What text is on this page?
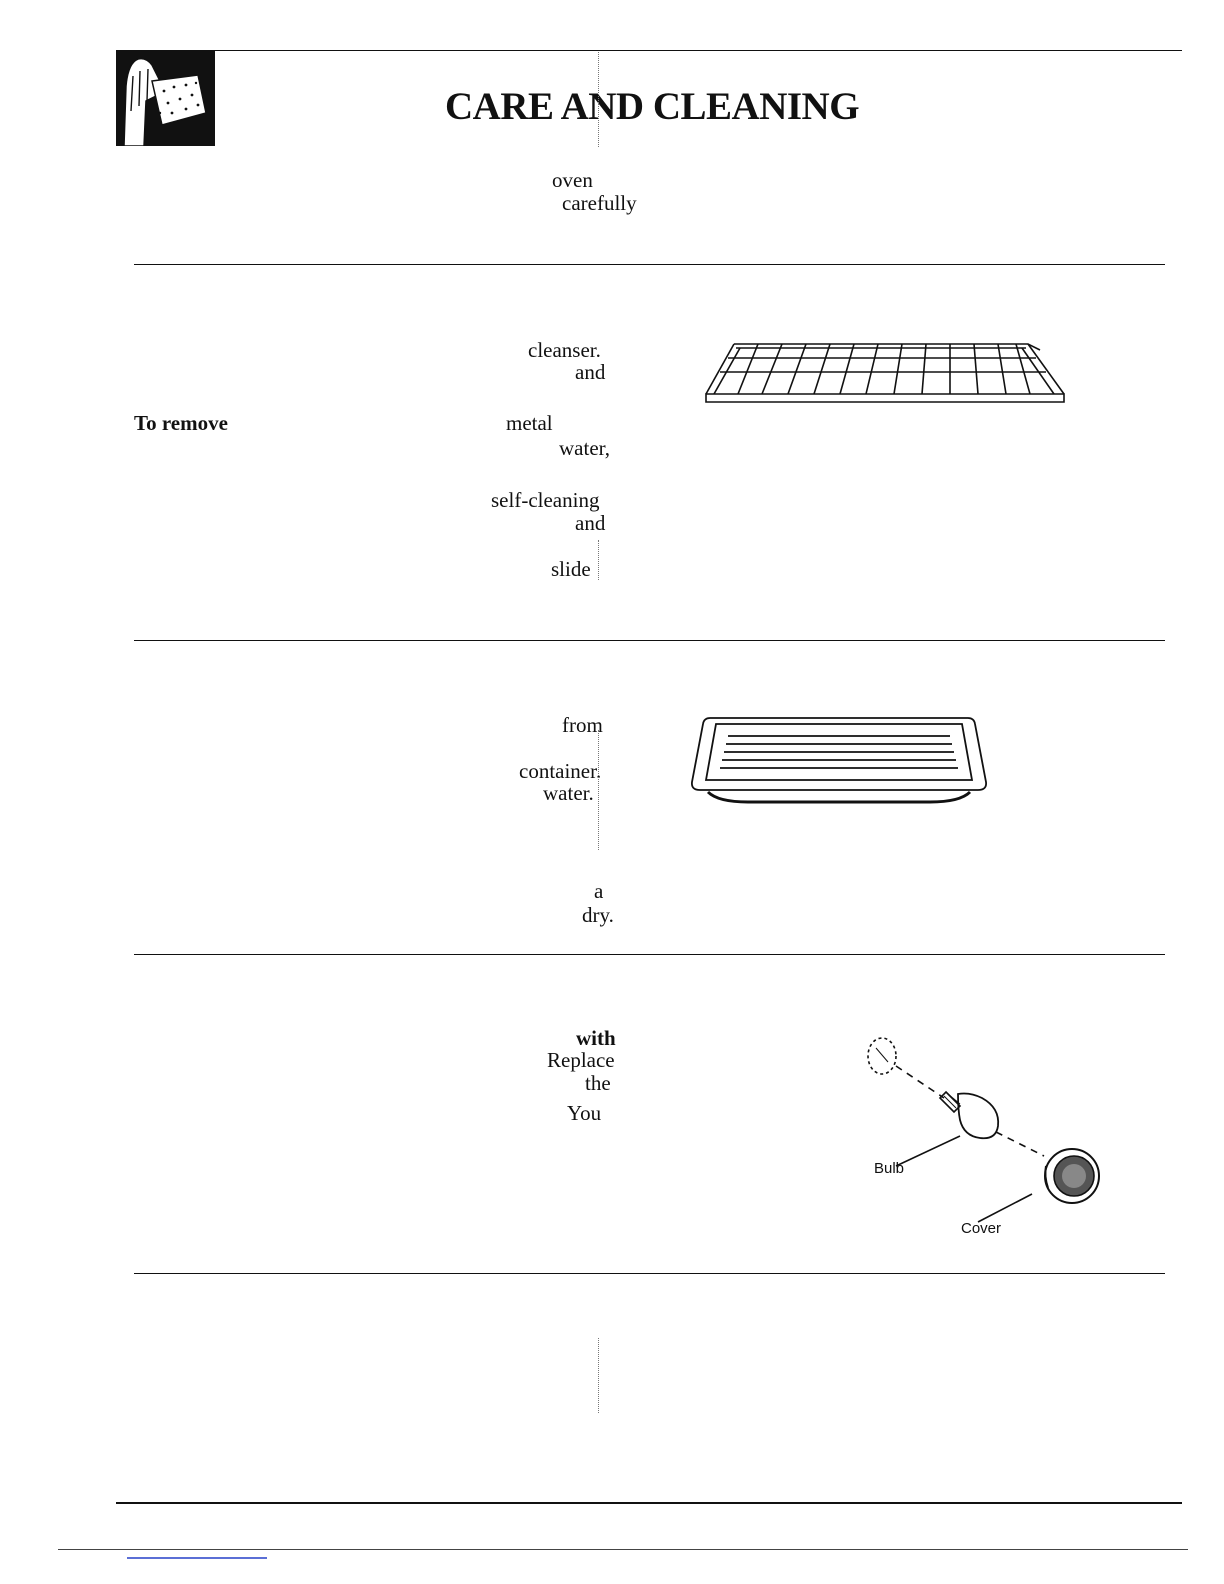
CARE AND CLEANING
oven
carefully
cleanser.
and
To remove	metal
water,
self-cleaning
and
slide
from
container.
water.
a
dry.
with
Replace
the
You
Bulb
Cover
